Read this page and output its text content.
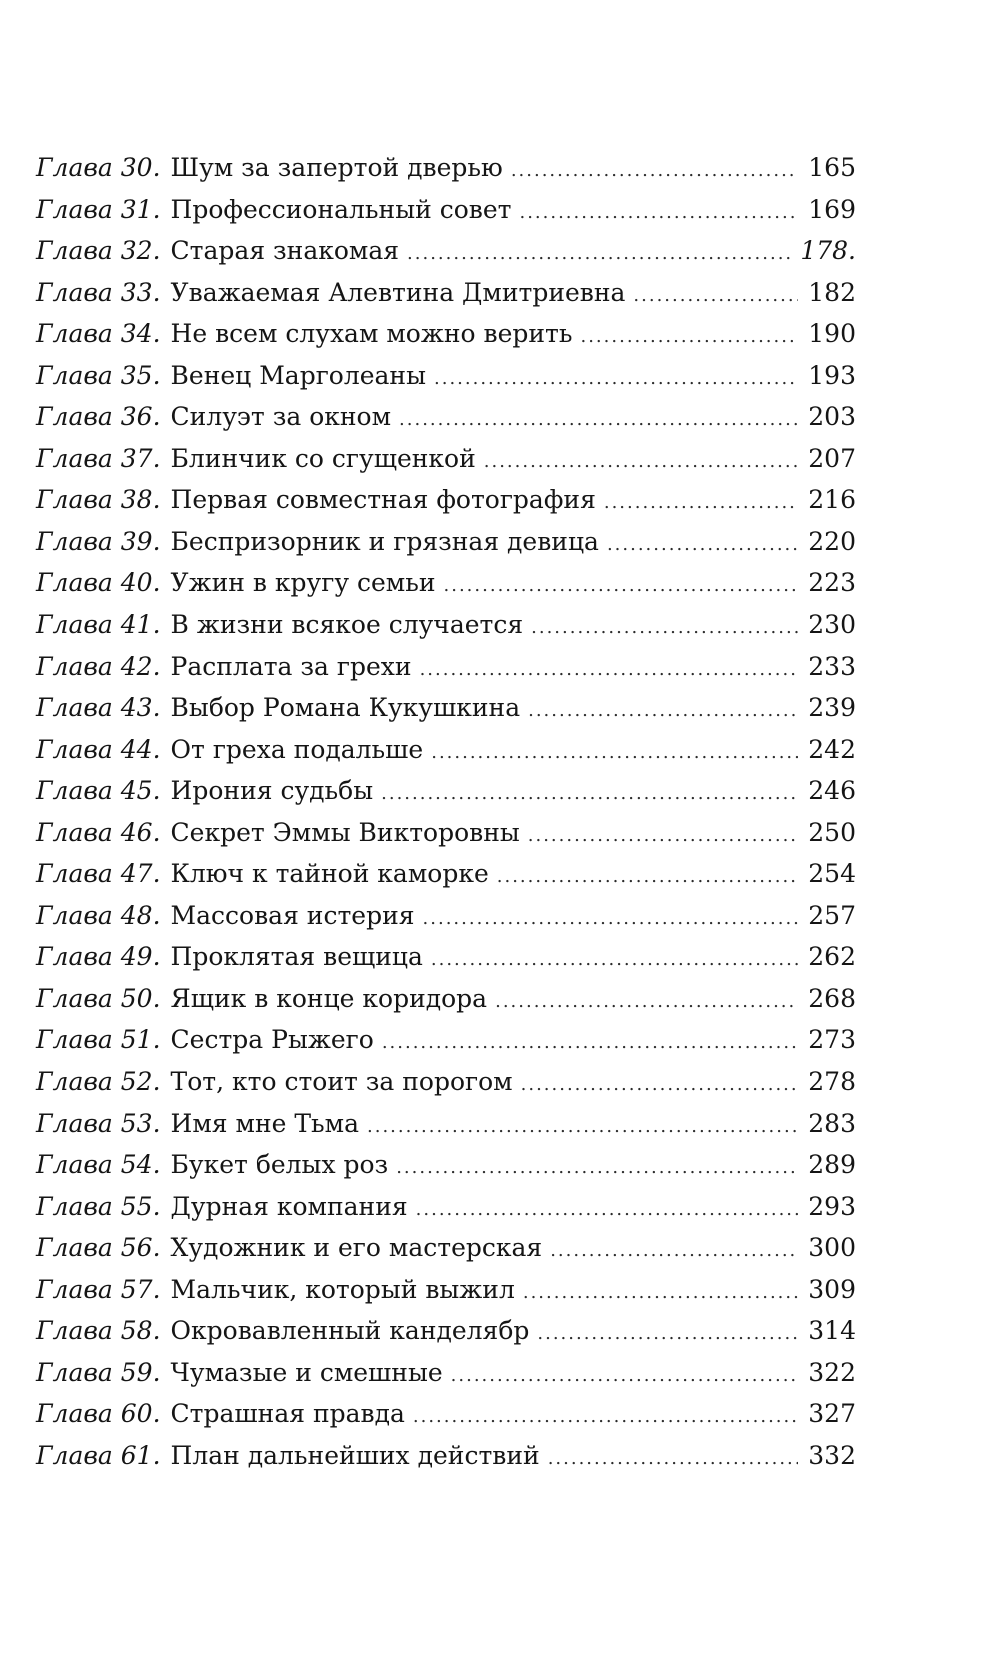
Глава 30. Шум за запертой дверью .....	165
Глава 31. Профессиональный совет .....	169
Глава 32. Старая знакомая .....	178.
Глава 33. Уважаемая Алевтина Дмитриевна .....	182
Глава 34. Не всем слухам можно верить .....	190
Глава 35. Венец Марголеаны .....	193
Глава 36. Силуэт за окном .....	203
Глава 37. Блинчик со сгущенкой .....	207
Глава 38. Первая совместная фотография .....	216
Глава 39. Беспризорник и грязная девица .....	220
Глава 40. Ужин в кругу семьи .....	223
Глава 41. В жизни всякое случается .....	230
Глава 42. Расплата за грехи .....	233
Глава 43. Выбор Романа Кукушкина .....	239
Глава 44. От греха подальше .....	242
Глава 45. Ирония судьбы .....	246
Глава 46. Секрет Эммы Викторовны .....	250
Глава 47. Ключ к тайной каморке .....	254
Глава 48. Массовая истерия .....	257
Глава 49. Проклятая вещица .....	262
Глава 50. Ящик в конце коридора .....	268
Глава 51. Сестра Рыжего .....	273
Глава 52. Тот, кто стоит за порогом .....	278
Глава 53. Имя мне Тьма .....	283
Глава 54. Букет белых роз .....	289
Глава 55. Дурная компания .....	293
Глава 56. Художник и его мастерская .....	300
Глава 57. Мальчик, который выжил .....	309
Глава 58. Окровавленный канделябр .....	314
Глава 59. Чумазые и смешные .....	322
Глава 60. Страшная правда .....	327
Глава 61. План дальнейших действий .....	332
